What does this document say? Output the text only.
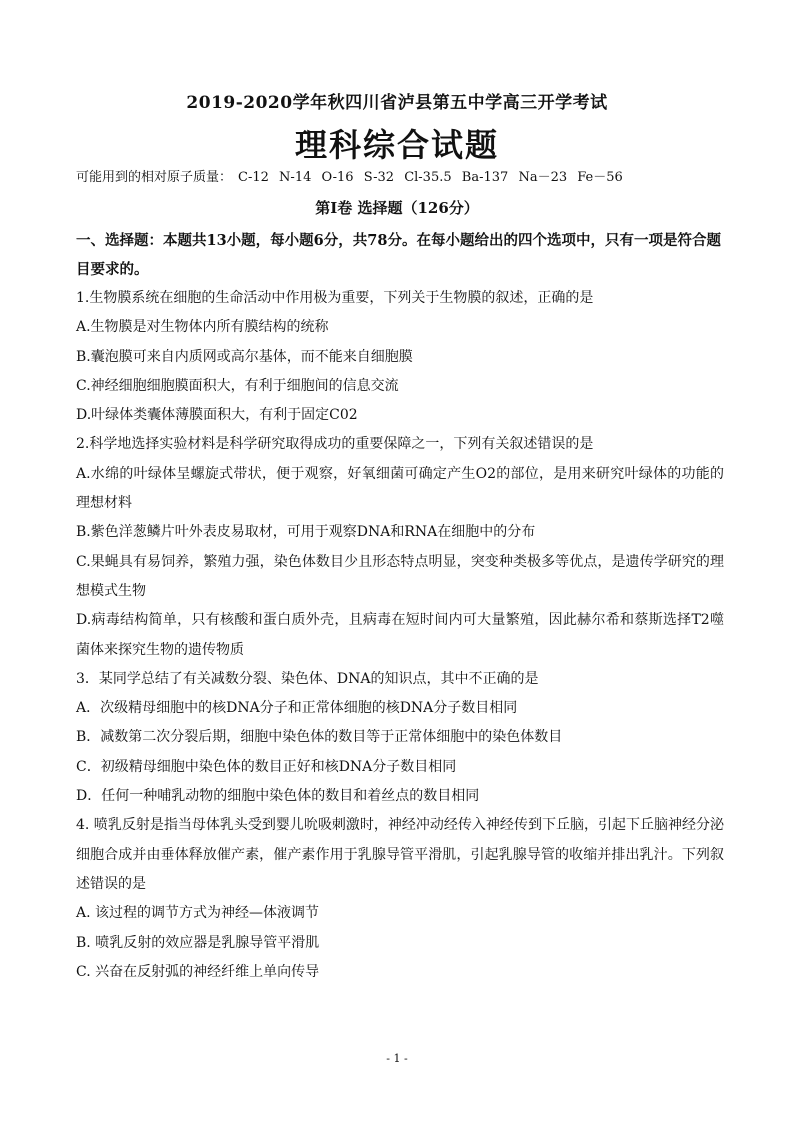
2019-2020学年秋四川省泸县第五中学高三开学考试
理科综合试题
可能用到的相对原子质量： C-12 N-14 O-16 S-32 Cl-35.5 Ba-137 Na－23 Fe－56
第Ⅰ卷 选择题（126分）
一、选择题：本题共13小题，每小题6分，共78分。在每小题给出的四个选项中，只有一项是符合题目要求的。

1.生物膜系统在细胞的生命活动中作用极为重要，下列关于生物膜的叙述，正确的是

A.生物膜是对生物体内所有膜结构的统称

B.囊泡膜可来自内质网或高尔基体，而不能来自细胞膜

C.神经细胞细胞膜面积大，有利于细胞间的信息交流

D.叶绿体类囊体薄膜面积大，有利于固定C02

2.科学地选择实验材料是科学研究取得成功的重要保障之一，下列有关叙述错误的是

A.水绵的叶绿体呈螺旋式带状，便于观察，好氧细菌可确定产生O2的部位，是用来研究叶绿体的功能的理想材料

B.紫色洋葱鳞片叶外表皮易取材，可用于观察DNA和RNA在细胞中的分布

C.果蝇具有易饲养，繁殖力强，染色体数目少且形态特点明显，突变种类极多等优点，是遗传学研究的理想模式生物

D.病毒结构简单，只有核酸和蛋白质外壳，且病毒在短时间内可大量繁殖，因此赫尔希和蔡斯选择T2噬菌体来探究生物的遗传物质

3．某同学总结了有关减数分裂、染色体、DNA的知识点，其中不正确的是

A．次级精母细胞中的核DNA分子和正常体细胞的核DNA分子数目相同

B．减数第二次分裂后期，细胞中染色体的数目等于正常体细胞中的染色体数目

C．初级精母细胞中染色体的数目正好和核DNA分子数目相同

D．任何一种哺乳动物的细胞中染色体的数目和着丝点的数目相同

4. 喷乳反射是指当母体乳头受到婴儿吮吸刺激时，神经冲动经传入神经传到下丘脑，引起下丘脑神经分泌细胞合成并由垂体释放催产素，催产素作用于乳腺导管平滑肌，引起乳腺导管的收缩并排出乳汁。下列叙述错误的是

A. 该过程的调节方式为神经—体液调节

B. 喷乳反射的效应器是乳腺导管平滑肌

C. 兴奋在反射弧的神经纤维上单向传导

- 1 -
